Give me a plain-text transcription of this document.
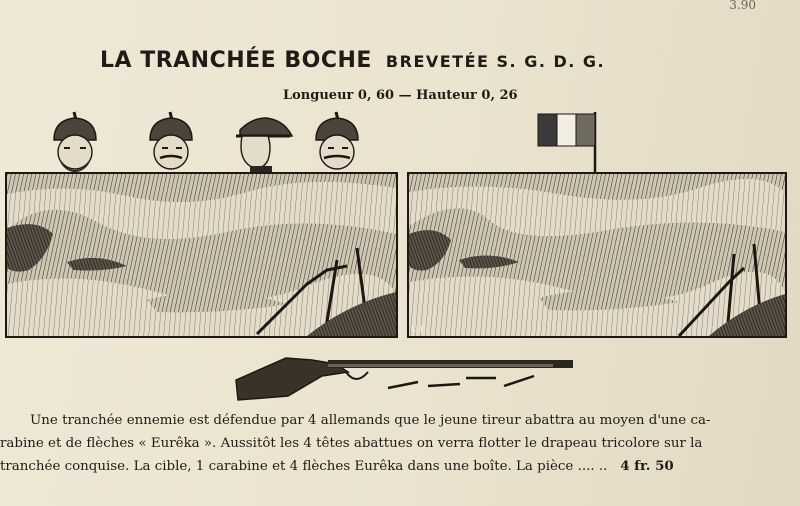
3.90
LA TRANCHÉE BOCHE BREVETÉE S. G. D. G.
Longueur 0, 60 — Hauteur 0, 26
K.B
Une tranchée ennemie est défendue par 4 allemands que le jeune tireur abattra au moyen d'une ca-
rabine et de flèches « Eurêka ». Aussitôt les 4 têtes abattues on verra flotter le drapeau tricolore sur la
tranchée conquise. La cible, 1 carabine et 4 flèches Eurêka dans une boîte. La pièce .... .. 4 fr. 50
